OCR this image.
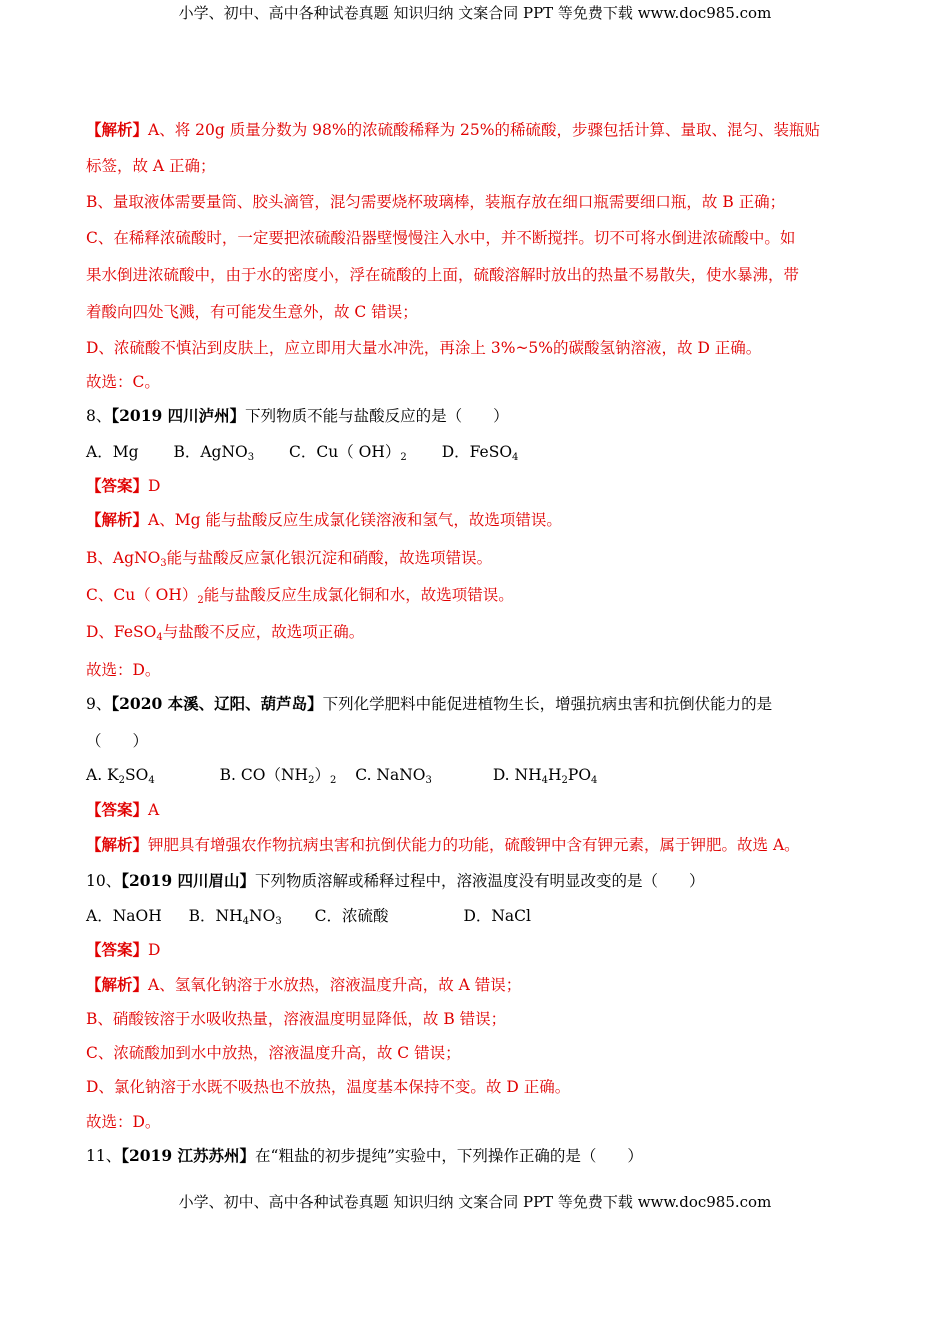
小学、初中、高中各种试卷真题 知识归纳 文案合同 PPT 等免费下载 www.doc985.com
【解析】A、将 20g 质量分数为 98%的浓硫酸稀释为 25%的稀硫酸，步骤包括计算、量取、混匀、装瓶贴
标签，故 A 正确；
B、量取液体需要量筒、胶头滴管，混匀需要烧杯玻璃棒，装瓶存放在细口瓶需要细口瓶，故 B 正确；
C、在稀释浓硫酸时，一定要把浓硫酸沿器壁慢慢注入水中，并不断搅拌。切不可将水倒进浓硫酸中。如
果水倒进浓硫酸中，由于水的密度小，浮在硫酸的上面，硫酸溶解时放出的热量不易散失，使水暴沸，带
着酸向四处飞溅，有可能发生意外，故 C 错误；
D、浓硫酸不慎沾到皮肤上，应立即用大量水冲洗，再涂上 3%~5%的碳酸氢钠溶液，故 D 正确。
故选：C。
8、【2019 四川泸州】下列物质不能与盐酸反应的是（　　）
A．Mg B．AgNO$_3$ C．Cu（ $OH)_2$ D．FeSO$_4$
【答案】D
【解析】A、Mg 能与盐酸反应生成氯化镁溶液和氢气，故选项错误。
B、AgNO$_3$能与盐酸反应氯化银沉淀和硝酸，故选项错误。
C、Cu（ $OH)_2$能与盐酸反应生成氯化铜和水，故选项错误。
D、FeSO$_4$与盐酸不反应，故选项正确。
故选：D。
9、【2020 本溪、辽阳、葫芦岛】下列化学肥料中能促进植物生长，增强抗病虫害和抗倒伏能力的是
（　　）
A. $K_2SO_4$	B. $CO(NH_2)_2$ C. NaNO$_3$	D. $NH_4H_2PO_4$
【答案】A
【解析】钾肥具有增强农作物抗病虫害和抗倒伏能力的功能，硫酸钾中含有钾元素，属于钾肥。故选 A。
10、【2019 四川眉山】下列物质溶解或稀释过程中，溶液温度没有明显改变的是（　　）
A．NaOH B．$NH_4NO_3$ C．浓硫酸	D．NaCl
【答案】D
【解析】A、氢氧化钠溶于水放热，溶液温度升高，故 A 错误；
B、硝酸铵溶于水吸收热量，溶液温度明显降低，故 B 错误；
C、浓硫酸加到水中放热，溶液温度升高，故 C 错误；
D、氯化钠溶于水既不吸热也不放热，温度基本保持不变。故 D 正确。
故选：D。
11、【2019 江苏苏州】在“粗盐的初步提纯”实验中，下列操作正确的是（　　）
小学、初中、高中各种试卷真题 知识归纳 文案合同 PPT 等免费下载 www.doc985.com
